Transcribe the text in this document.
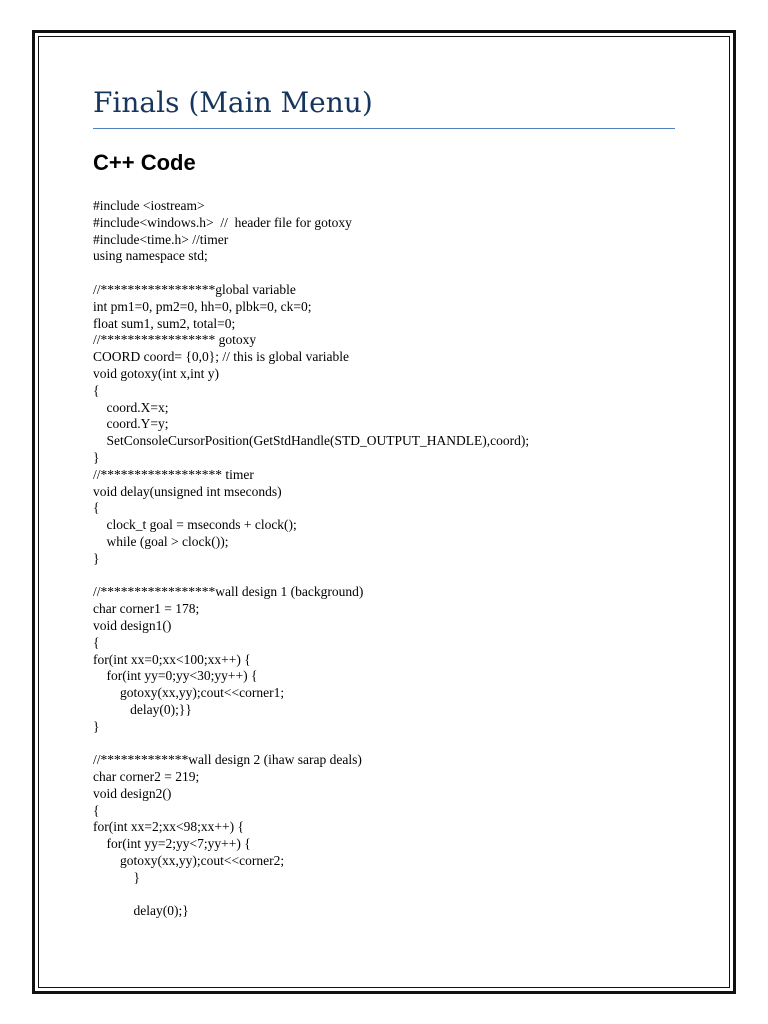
Finals (Main Menu)
C++ Code
#include <iostream>
#include<windows.h>  //  header file for gotoxy
#include<time.h> //timer
using namespace std;
//*****************global variable
int pm1=0, pm2=0, hh=0, plbk=0, ck=0;
float sum1, sum2, total=0;
//***************** gotoxy
COORD coord= {0,0}; // this is global variable
void gotoxy(int x,int y)
{
coord.X=x;
coord.Y=y;
SetConsoleCursorPosition(GetStdHandle(STD_OUTPUT_HANDLE),coord);
}
//****************** timer
void delay(unsigned int mseconds)
{
clock_t goal = mseconds + clock();
while (goal > clock());
}
//*****************wall design 1 (background)
char corner1 = 178;
void design1()
{
for(int xx=0;xx<100;xx++) {
for(int yy=0;yy<30;yy++) {
gotoxy(xx,yy);cout<<corner1;
delay(0);}}
}
//*************wall design 2 (ihaw sarap deals)
char corner2 = 219;
void design2()
{
for(int xx=2;xx<98;xx++) {
for(int yy=2;yy<7;yy++) {
gotoxy(xx,yy);cout<<corner2;
}
delay(0);}
